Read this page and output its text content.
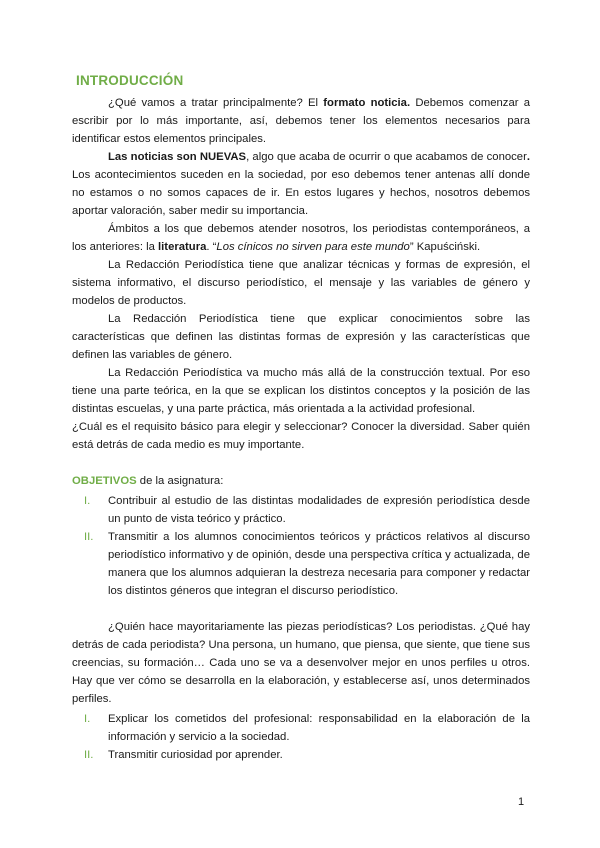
INTRODUCCIÓN

¿Qué vamos a tratar principalmente? El formato noticia. Debemos comenzar a escribir por lo más importante, así, debemos tener los elementos necesarios para identificar estos elementos principales.

Las noticias son NUEVAS, algo que acaba de ocurrir o que acabamos de conocer. Los acontecimientos suceden en la sociedad, por eso debemos tener antenas allí donde no estamos o no somos capaces de ir. En estos lugares y hechos, nosotros debemos aportar valoración, saber medir su importancia.

Ámbitos a los que debemos atender nosotros, los periodistas contemporáneos, a los anteriores: la literatura. “Los cínicos no sirven para este mundo” Kapuściński.

La Redacción Periodística tiene que analizar técnicas y formas de expresión, el sistema informativo, el discurso periodístico, el mensaje y las variables de género y modelos de productos.

La Redacción Periodística tiene que explicar conocimientos sobre las características que definen las distintas formas de expresión y las características que definen las variables de género.

La Redacción Periodística va mucho más allá de la construcción textual. Por eso tiene una parte teórica, en la que se explican los distintos conceptos y la posición de las distintas escuelas, y una parte práctica, más orientada a la actividad profesional.

¿Cuál es el requisito básico para elegir y seleccionar? Conocer la diversidad. Saber quién está detrás de cada medio es muy importante.

OBJETIVOS de la asignatura:

I. Contribuir al estudio de las distintas modalidades de expresión periodística desde un punto de vista teórico y práctico.
II. Transmitir a los alumnos conocimientos teóricos y prácticos relativos al discurso periodístico informativo y de opinión, desde una perspectiva crítica y actualizada, de manera que los alumnos adquieran la destreza necesaria para componer y redactar los distintos géneros que integran el discurso periodístico.

¿Quién hace mayoritariamente las piezas periodísticas? Los periodistas. ¿Qué hay detrás de cada periodista? Una persona, un humano, que piensa, que siente, que tiene sus creencias, su formación… Cada uno se va a desenvolver mejor en unos perfiles u otros. Hay que ver cómo se desarrolla en la elaboración, y establecerse así, unos determinados perfiles.

I. Explicar los cometidos del profesional: responsabilidad en la elaboración de la información y servicio a la sociedad.
II. Transmitir curiosidad por aprender.
1
